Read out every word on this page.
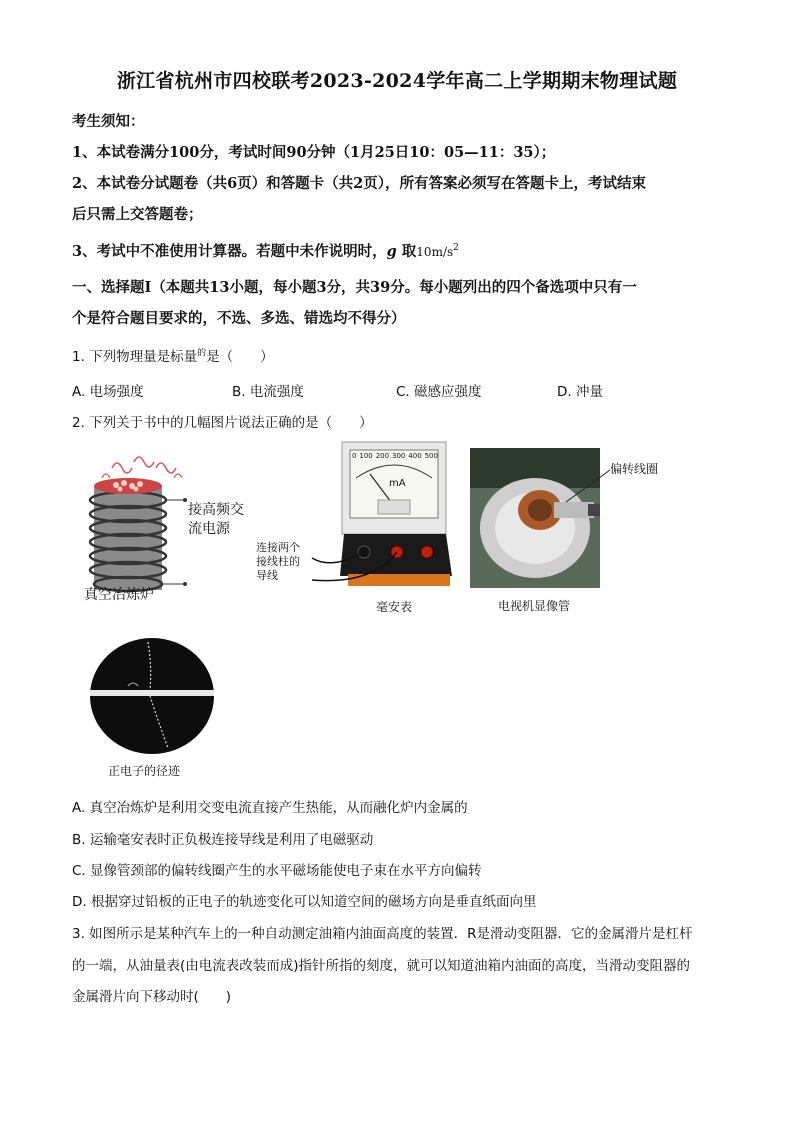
浙江省杭州市四校联考2023-2024学年高二上学期期末物理试题
考生须知：
1、本试卷满分100分，考试时间90分钟（1月25日10：05—11：35）；
2、本试卷分试题卷（共6页）和答题卡（共2页），所有答案必须写在答题卡上，考试结束
后只需上交答题卷；
3、考试中不准使用计算器。若题中未作说明时，g 取$10m/s^2$
一、选择题Ⅰ（本题共13小题，每小题3分，共39分。每小题列出的四个备选项中只有一
个是符合题目要求的，不选、多选、错选均不得分）
1. 下列物理量是标量$^的$是（　　）
A. 电场强度	B. 电流强度	C. 磁感应强度	D. 冲量
2. 下列关于书中的几幅图片说法正确的是（　　）
接高频交
流电源
真空冶炼炉
mA
0 100 200 300 400 500
连接两个
接线柱的
导线
毫安表
偏转线圈
电视机显像管
正电子的径迹
A. 真空冶炼炉是利用交变电流直接产生热能，从而融化炉内金属的
B. 运输毫安表时正负极连接导线是利用了电磁驱动
C. 显像管颈部的偏转线圈产生的水平磁场能使电子束在水平方向偏转
D. 根据穿过铅板的正电子的轨迹变化可以知道空间的磁场方向是垂直纸面向里
3. 如图所示是某种汽车上的一种自动测定油箱内油面高度的装置．R是滑动变阻器．它的金属滑片是杠杆
的一端，从油量表(由电流表改装而成)指针所指的刻度，就可以知道油箱内油面的高度，当滑动变阻器的
金属滑片向下移动时(　　)
